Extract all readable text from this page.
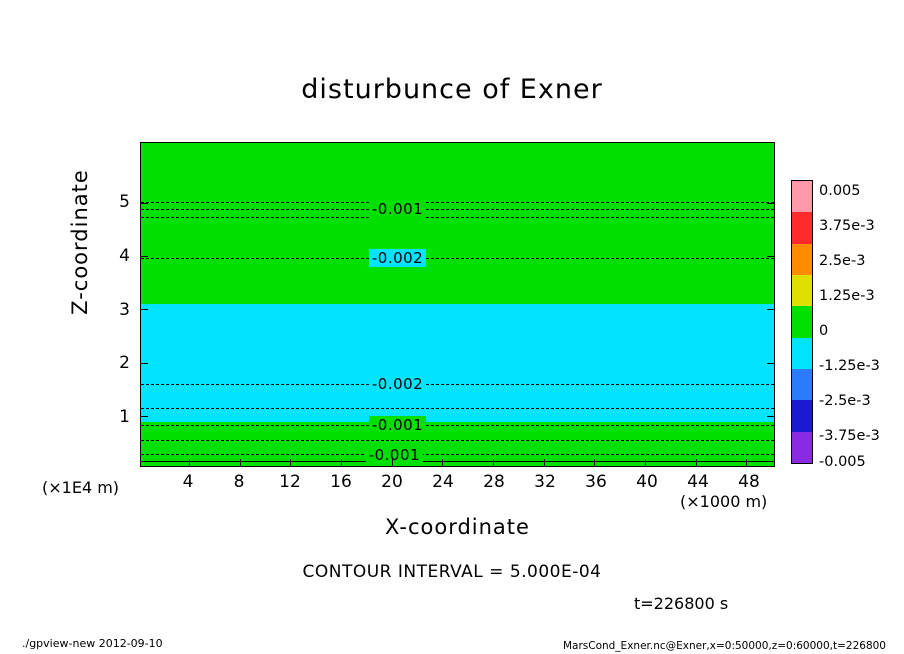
disturbunce of Exner
-0.001
-0.002
-0.002
-0.001
-0.001
4 8 12 16 20 24 28 32 36 40 44 48
1
2
3
4
5
Z-coordinate
X-coordinate
(×1E4 m)
(×1000 m)
CONTOUR INTERVAL = 5.000E-04
t=226800 s
./gpview-new 2012-09-10	MarsCond_Exner.nc@Exner,x=0:50000,z=0:60000,t=226800
0.005
3.75e-3
2.5e-3
1.25e-3
0
-1.25e-3
-2.5e-3
-3.75e-3
-0.005
